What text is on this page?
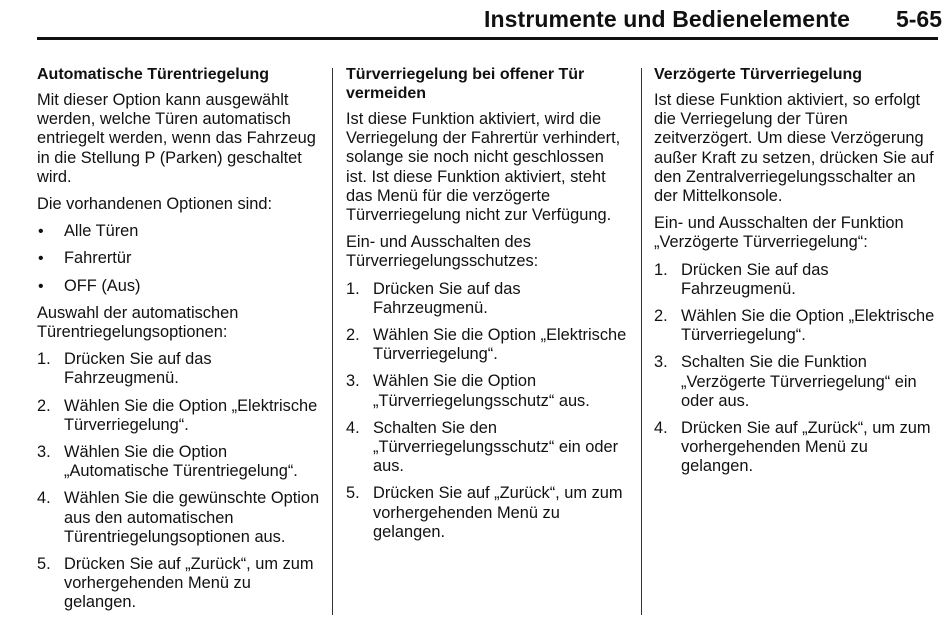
Instrumente und Bedienelemente 5-65
Automatische Türentriegelung

Mit dieser Option kann ausgewählt werden, welche Türen automatisch entriegelt werden, wenn das Fahrzeug in die Stellung P (Parken) geschaltet wird.

Die vorhandenen Optionen sind:

• Alle Türen
• Fahrertür
• OFF (Aus)

Auswahl der automatischen Türentriegelungsoptionen:

1. Drücken Sie auf das Fahrzeugmenü.
2. Wählen Sie die Option „Elektrische Türverriegelung“.
3. Wählen Sie die Option „Automatische Türentriegelung“.
4. Wählen Sie die gewünschte Option aus den automatischen Türentriegelungsoptionen aus.
5. Drücken Sie auf „Zurück“, um zum vorhergehenden Menü zu gelangen.
Türverriegelung bei offener Tür vermeiden

Ist diese Funktion aktiviert, wird die Verriegelung der Fahrertür verhindert, solange sie noch nicht geschlossen ist. Ist diese Funktion aktiviert, steht das Menü für die verzögerte Türverriegelung nicht zur Verfügung.

Ein- und Ausschalten des Türverriegelungsschutzes:

1. Drücken Sie auf das Fahrzeugmenü.
2. Wählen Sie die Option „Elektrische Türverriegelung“.
3. Wählen Sie die Option „Türverriegelungsschutz“ aus.
4. Schalten Sie den „Türverriegelungsschutz“ ein oder aus.
5. Drücken Sie auf „Zurück“, um zum vorhergehenden Menü zu gelangen.
Verzögerte Türverriegelung

Ist diese Funktion aktiviert, so erfolgt die Verriegelung der Türen zeitverzögert. Um diese Verzögerung außer Kraft zu setzen, drücken Sie auf den Zentralverriegelungsschalter an der Mittelkonsole.

Ein- und Ausschalten der Funktion „Verzögerte Türverriegelung“:

1. Drücken Sie auf das Fahrzeugmenü.
2. Wählen Sie die Option „Elektrische Türverriegelung“.
3. Schalten Sie die Funktion „Verzögerte Türverriegelung“ ein oder aus.
4. Drücken Sie auf „Zurück“, um zum vorhergehenden Menü zu gelangen.
